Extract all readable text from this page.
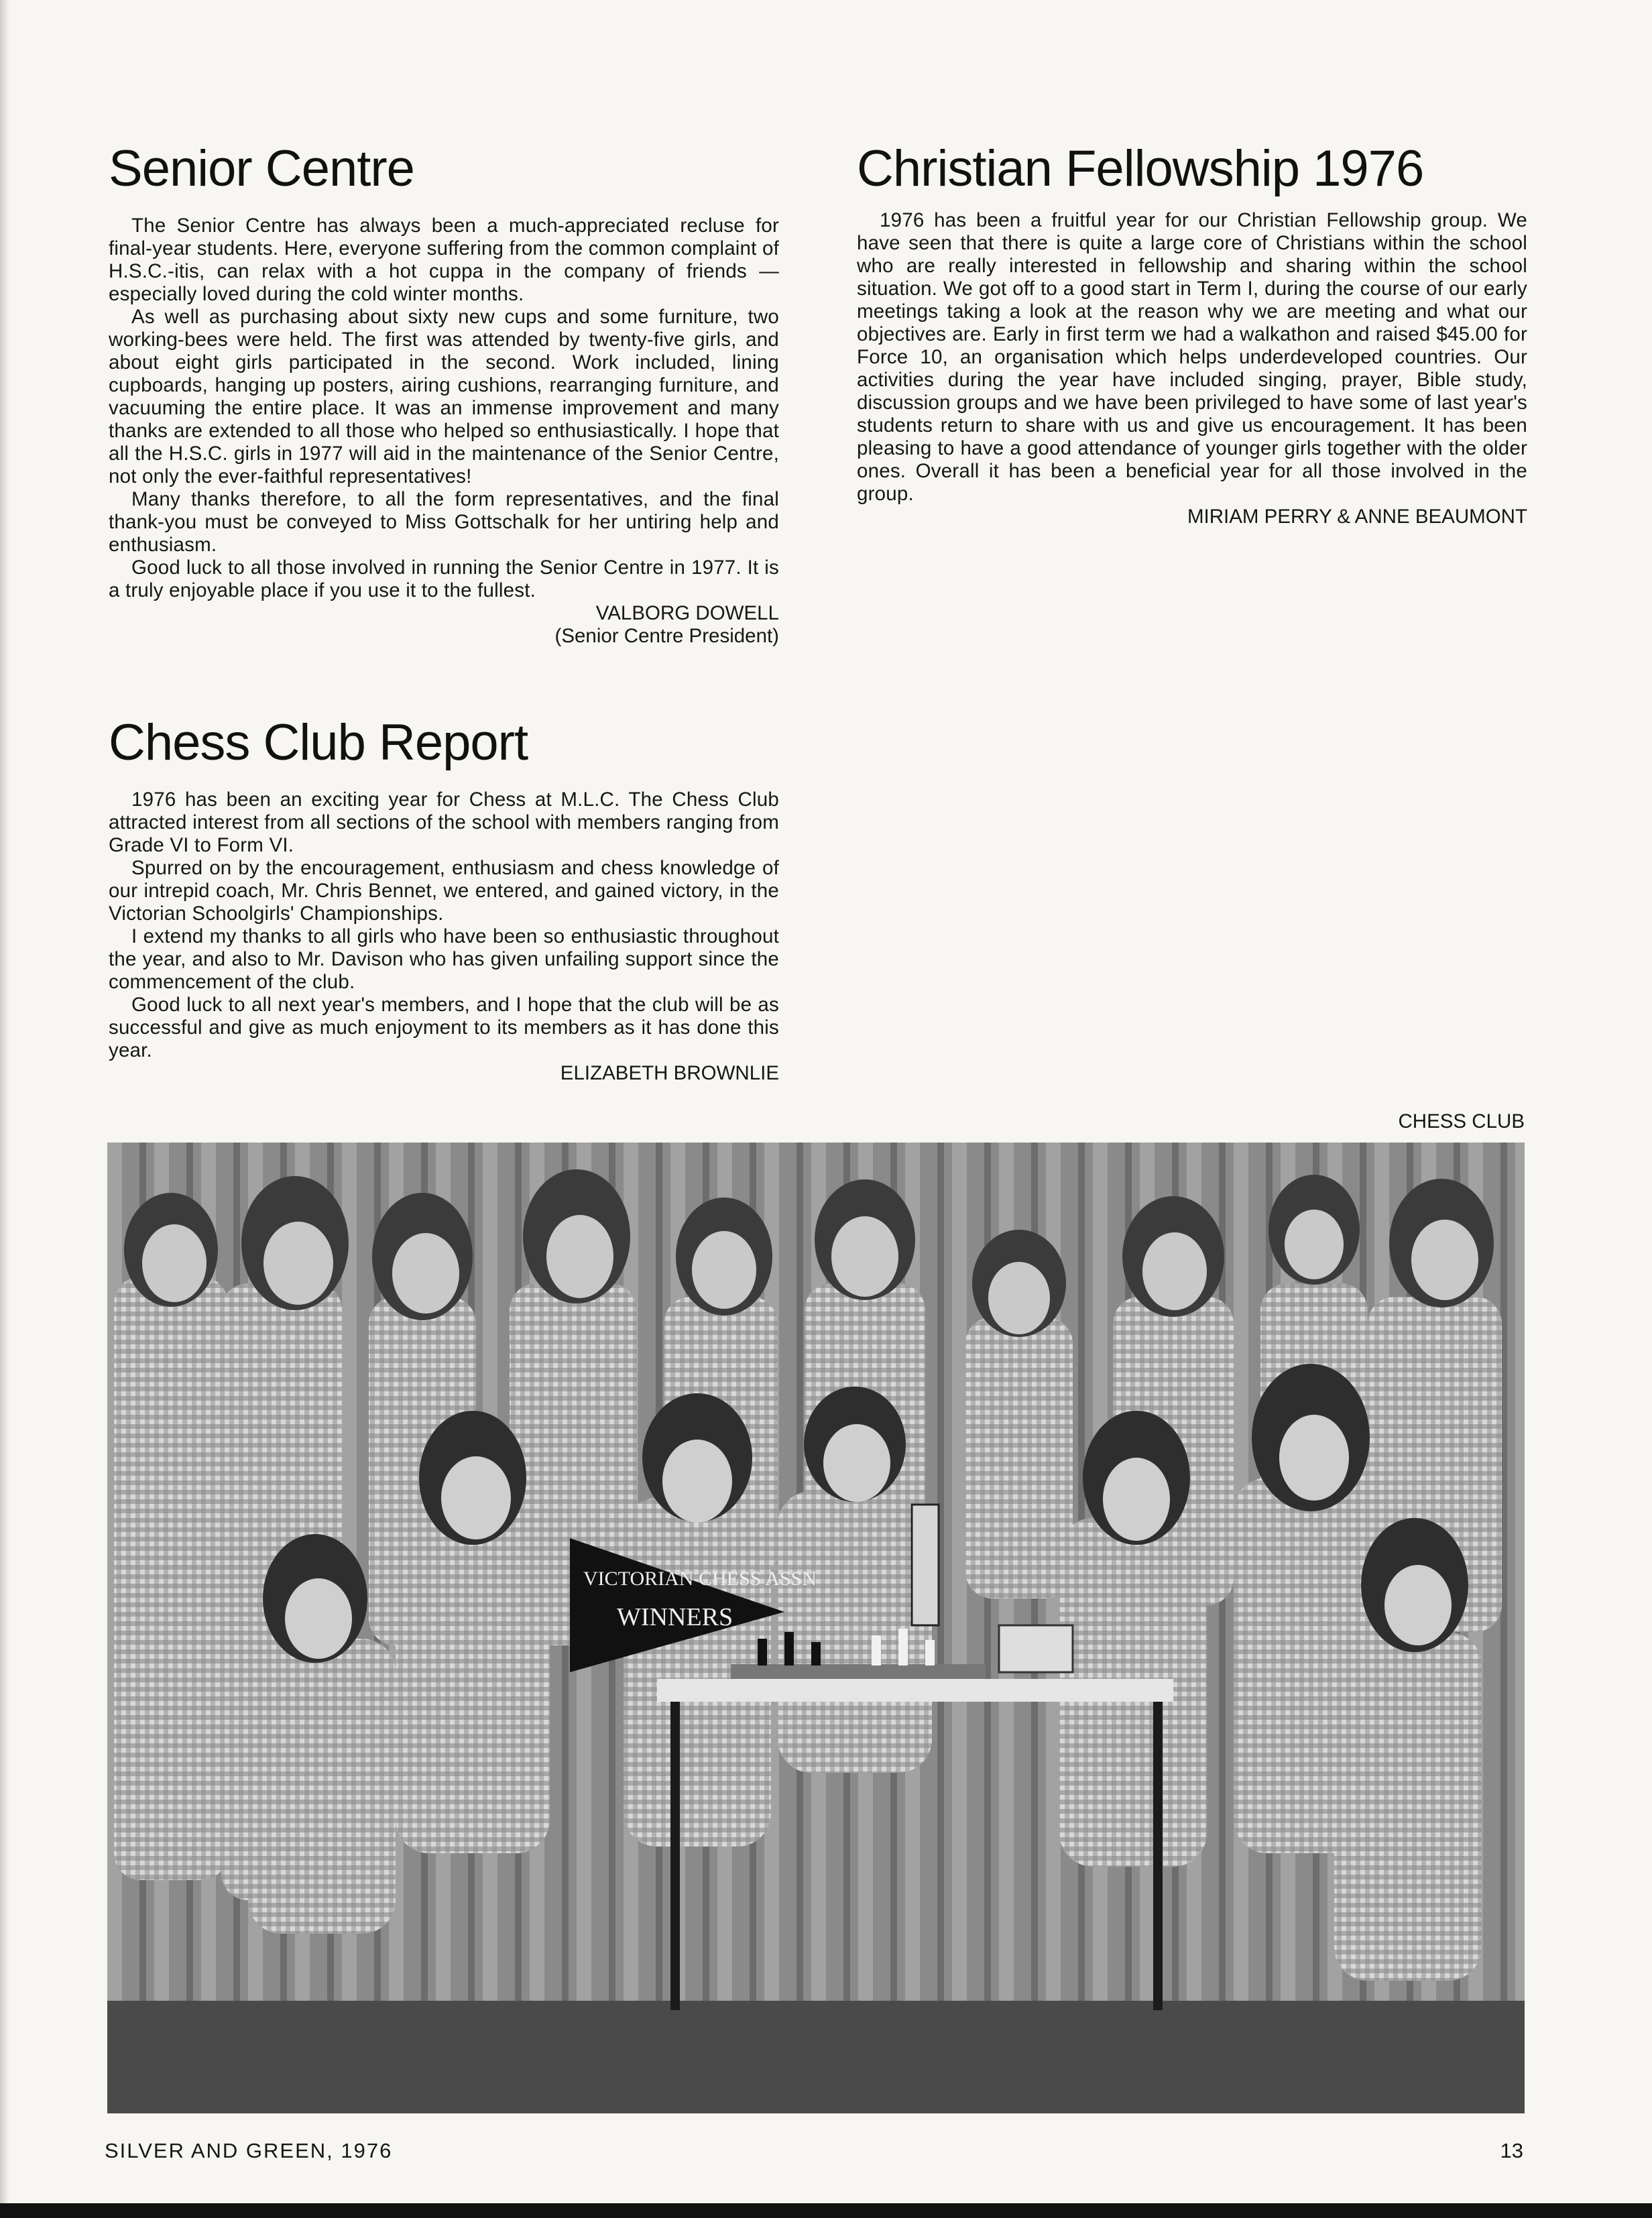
Senior Centre

The Senior Centre has always been a much-appreciated recluse for final-year students. Here, everyone suffering from the common complaint of H.S.C.-itis, can relax with a hot cuppa in the company of friends — especially loved during the cold winter months.

As well as purchasing about sixty new cups and some furniture, two working-bees were held. The first was attended by twenty-five girls, and about eight girls participated in the second. Work included, lining cupboards, hanging up posters, airing cushions, rearranging furniture, and vacuuming the entire place. It was an immense improvement and many thanks are extended to all those who helped so enthusiastically. I hope that all the H.S.C. girls in 1977 will aid in the maintenance of the Senior Centre, not only the ever-faithful representatives!

Many thanks therefore, to all the form representatives, and the final thank-you must be conveyed to Miss Gottschalk for her untiring help and enthusiasm.

Good luck to all those involved in running the Senior Centre in 1977. It is a truly enjoyable place if you use it to the fullest.

VALBORG DOWELL
(Senior Centre President)
Christian Fellowship 1976

1976 has been a fruitful year for our Christian Fellowship group. We have seen that there is quite a large core of Christians within the school who are really interested in fellowship and sharing within the school situation. We got off to a good start in Term I, during the course of our early meetings taking a look at the reason why we are meeting and what our objectives are. Early in first term we had a walkathon and raised $45.00 for Force 10, an organisation which helps underdeveloped countries. Our activities during the year have included singing, prayer, Bible study, discussion groups and we have been privileged to have some of last year's students return to share with us and give us encouragement. It has been pleasing to have a good attendance of younger girls together with the older ones. Overall it has been a beneficial year for all those involved in the group.

MIRIAM PERRY & ANNE BEAUMONT
Chess Club Report

1976 has been an exciting year for Chess at M.L.C. The Chess Club attracted interest from all sections of the school with members ranging from Grade VI to Form VI.

Spurred on by the encouragement, enthusiasm and chess knowledge of our intrepid coach, Mr. Chris Bennet, we entered, and gained victory, in the Victorian Schoolgirls' Championships.

I extend my thanks to all girls who have been so enthusiastic throughout the year, and also to Mr. Davison who has given unfailing support since the commencement of the club.

Good luck to all next year's members, and I hope that the club will be as successful and give as much enjoyment to its members as it has done this year.

ELIZABETH BROWNLIE
CHESS CLUB
VICTORIAN CHESS ASSN
WINNERS
SILVER AND GREEN, 1976	13
